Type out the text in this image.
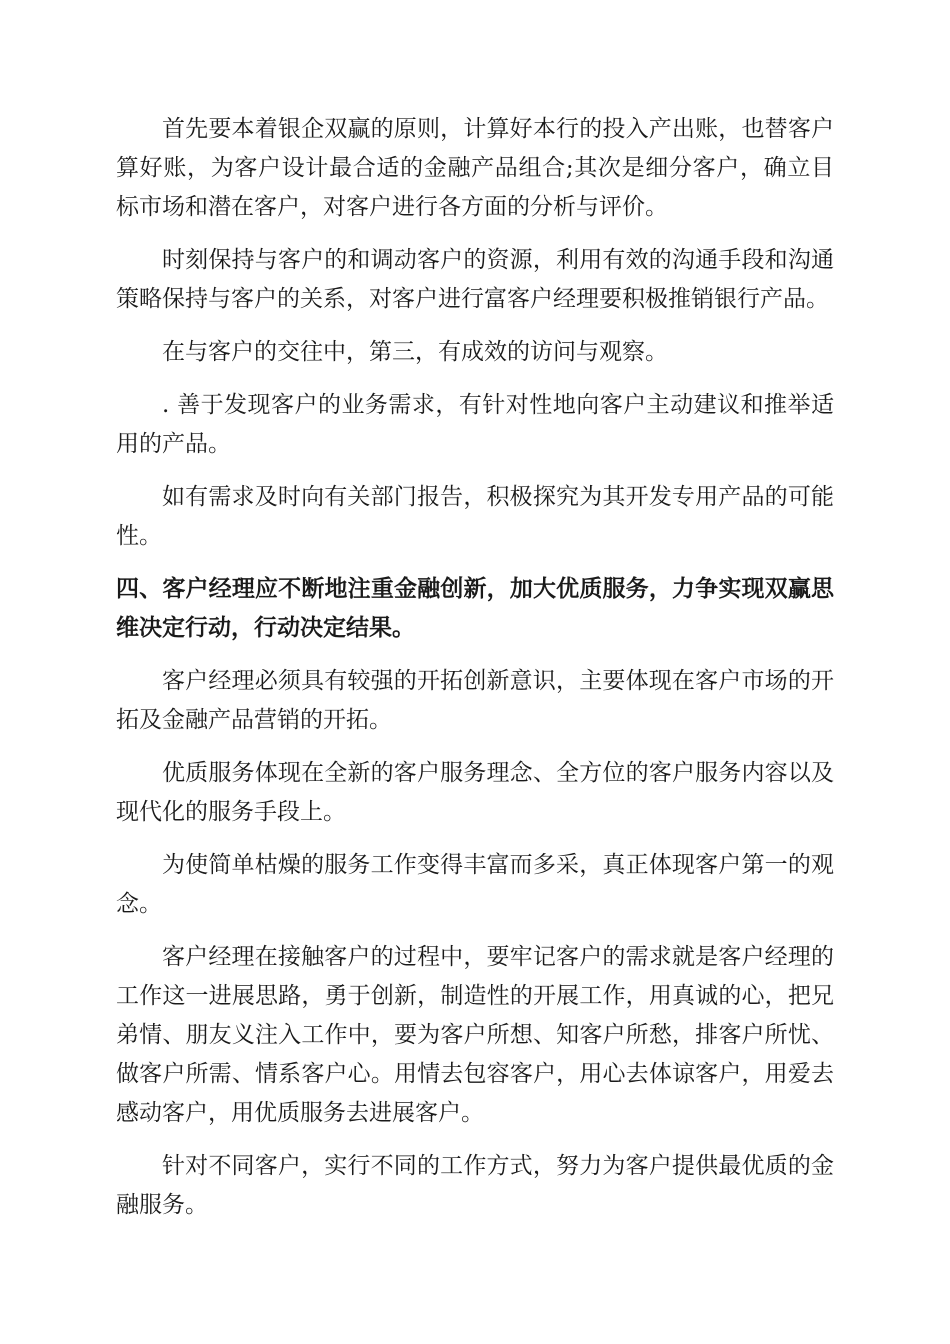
首先要本着银企双赢的原则，计算好本行的投入产出账，也替客户算好账，为客户设计最合适的金融产品组合;其次是细分客户，确立目标市场和潜在客户，对客户进行各方面的分析与评价。

时刻保持与客户的和调动客户的资源，利用有效的沟通手段和沟通策略保持与客户的关系，对客户进行富客户经理要积极推销银行产品。

在与客户的交往中，第三，有成效的访问与观察。

. 善于发现客户的业务需求，有针对性地向客户主动建议和推举适用的产品。

如有需求及时向有关部门报告，积极探究为其开发专用产品的可能性。

四、客户经理应不断地注重金融创新，加大优质服务，力争实现双赢思维决定行动，行动决定结果。

客户经理必须具有较强的开拓创新意识，主要体现在客户市场的开拓及金融产品营销的开拓。

优质服务体现在全新的客户服务理念、全方位的客户服务内容以及现代化的服务手段上。

为使简单枯燥的服务工作变得丰富而多采，真正体现客户第一的观念。

客户经理在接触客户的过程中，要牢记客户的需求就是客户经理的工作这一进展思路，勇于创新，制造性的开展工作，用真诚的心，把兄弟情、朋友义注入工作中，要为客户所想、知客户所愁，排客户所忧、做客户所需、情系客户心。用情去包容客户，用心去体谅客户，用爱去感动客户，用优质服务去进展客户。

针对不同客户，实行不同的工作方式，努力为客户提供最优质的金融服务。
